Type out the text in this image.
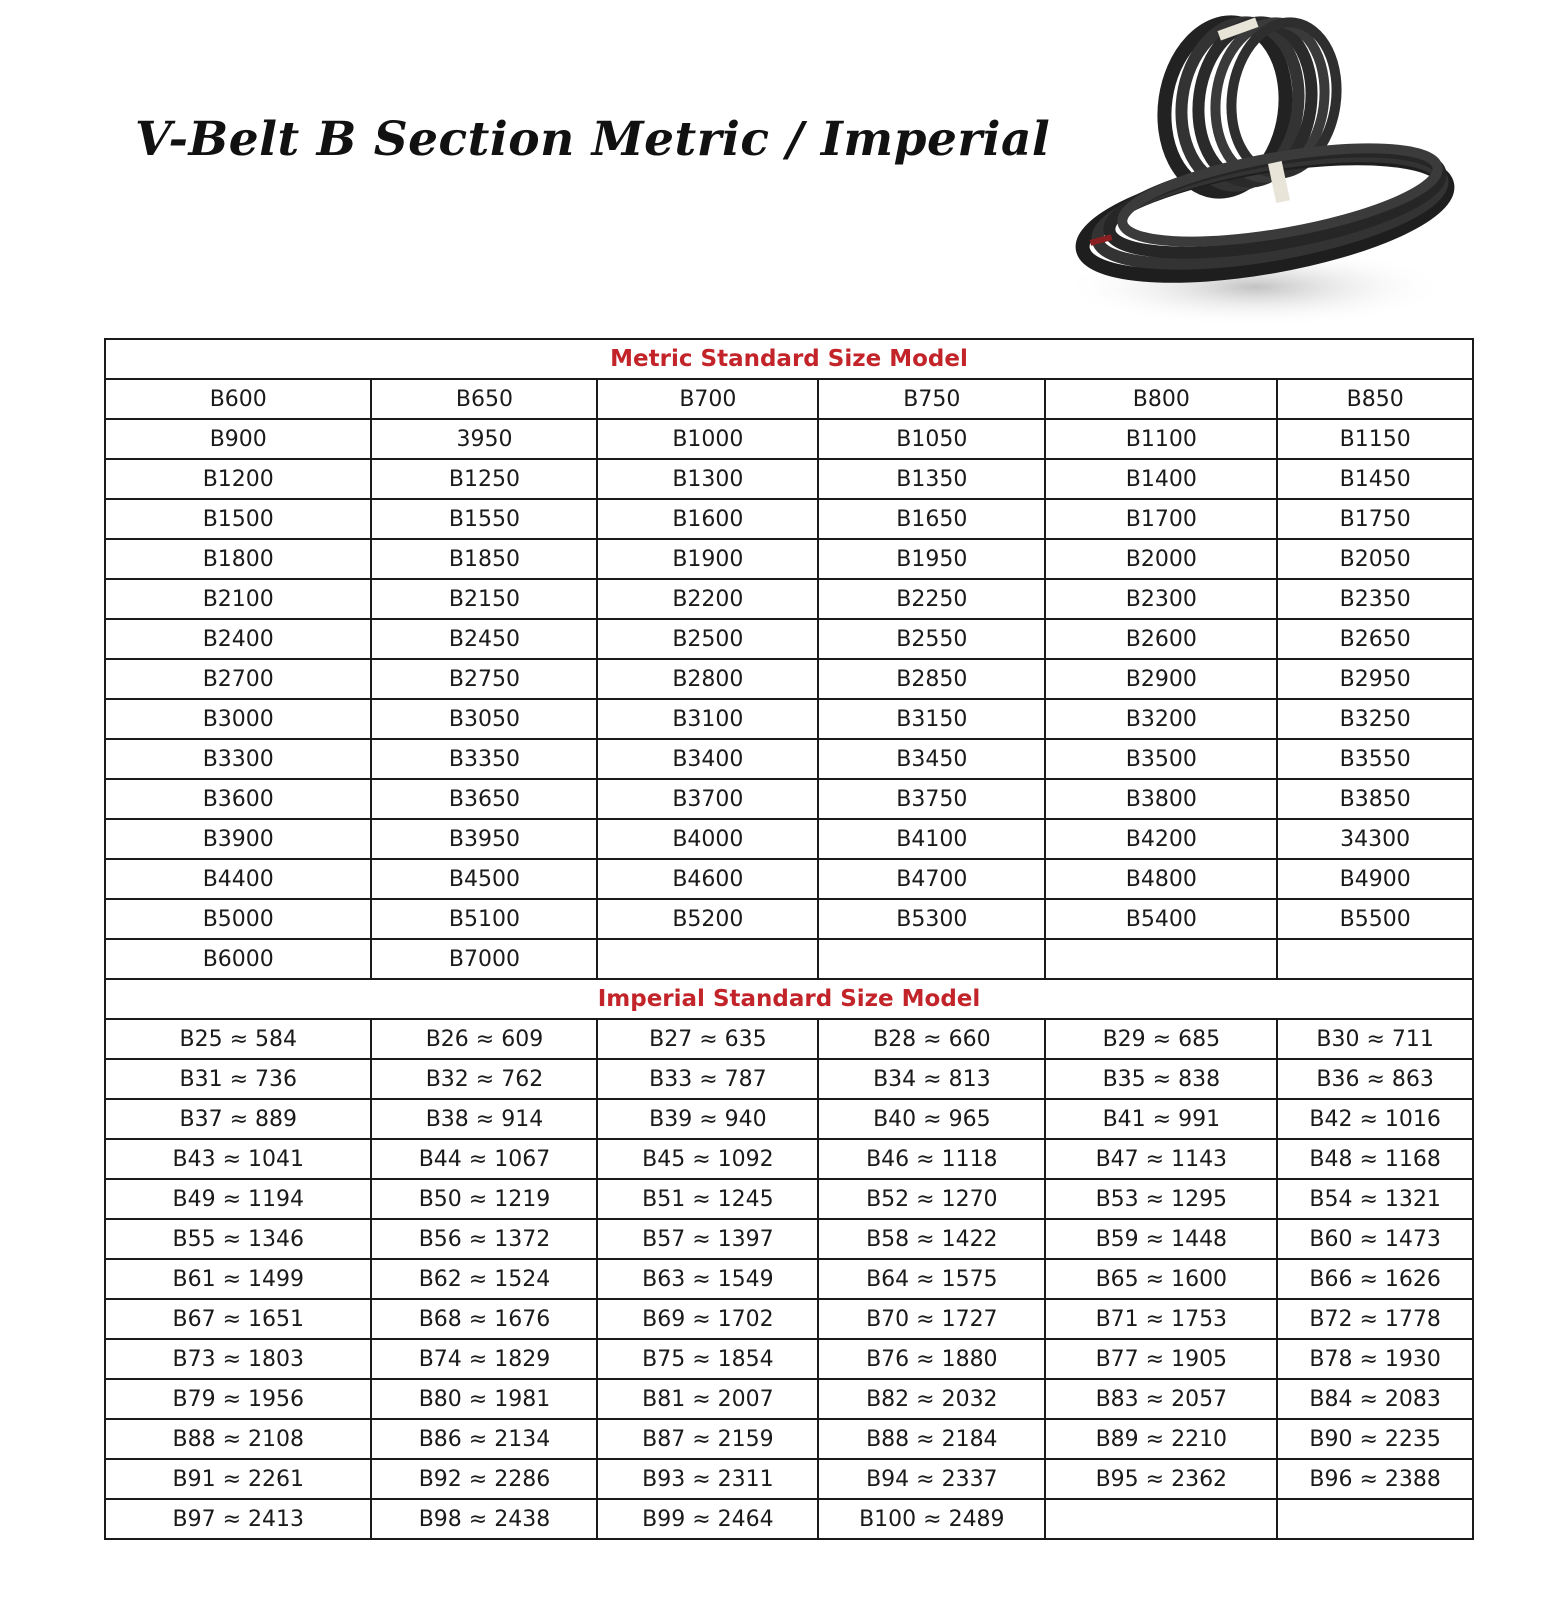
V-Belt B Section Metric / Imperial
Metric Standard Size Model					
B600	B650	B700	B750	B800	B850
B900	3950	B1000	B1050	B1100	B1150
B1200	B1250	B1300	B1350	B1400	B1450
B1500	B1550	B1600	B1650	B1700	B1750
B1800	B1850	B1900	B1950	B2000	B2050
B2100	B2150	B2200	B2250	B2300	B2350
B2400	B2450	B2500	B2550	B2600	B2650
B2700	B2750	B2800	B2850	B2900	B2950
B3000	B3050	B3100	B3150	B3200	B3250
B3300	B3350	B3400	B3450	B3500	B3550
B3600	B3650	B3700	B3750	B3800	B3850
B3900	B3950	B4000	B4100	B4200	34300
B4400	B4500	B4600	B4700	B4800	B4900
B5000	B5100	B5200	B5300	B5400	B5500
B6000	B7000				
Imperial Standard Size Model					
B25 ≈ 584	B26 ≈ 609	B27 ≈ 635	B28 ≈ 660	B29 ≈ 685	B30 ≈ 711
B31 ≈ 736	B32 ≈ 762	B33 ≈ 787	B34 ≈ 813	B35 ≈ 838	B36 ≈ 863
B37 ≈ 889	B38 ≈ 914	B39 ≈ 940	B40 ≈ 965	B41 ≈ 991	B42 ≈ 1016
B43 ≈ 1041	B44 ≈ 1067	B45 ≈ 1092	B46 ≈ 1118	B47 ≈ 1143	B48 ≈ 1168
B49 ≈ 1194	B50 ≈ 1219	B51 ≈ 1245	B52 ≈ 1270	B53 ≈ 1295	B54 ≈ 1321
B55 ≈ 1346	B56 ≈ 1372	B57 ≈ 1397	B58 ≈ 1422	B59 ≈ 1448	B60 ≈ 1473
B61 ≈ 1499	B62 ≈ 1524	B63 ≈ 1549	B64 ≈ 1575	B65 ≈ 1600	B66 ≈ 1626
B67 ≈ 1651	B68 ≈ 1676	B69 ≈ 1702	B70 ≈ 1727	B71 ≈ 1753	B72 ≈ 1778
B73 ≈ 1803	B74 ≈ 1829	B75 ≈ 1854	B76 ≈ 1880	B77 ≈ 1905	B78 ≈ 1930
B79 ≈ 1956	B80 ≈ 1981	B81 ≈ 2007	B82 ≈ 2032	B83 ≈ 2057	B84 ≈ 2083
B88 ≈ 2108	B86 ≈ 2134	B87 ≈ 2159	B88 ≈ 2184	B89 ≈ 2210	B90 ≈ 2235
B91 ≈ 2261	B92 ≈ 2286	B93 ≈ 2311	B94 ≈ 2337	B95 ≈ 2362	B96 ≈ 2388
B97 ≈ 2413	B98 ≈ 2438	B99 ≈ 2464	B100 ≈ 2489		
